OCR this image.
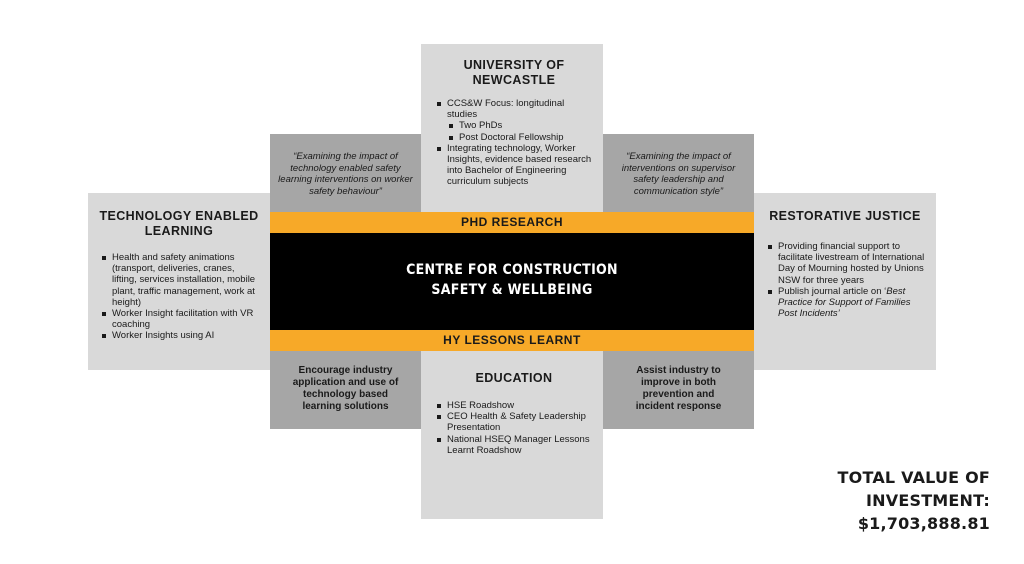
UNIVERSITY OF
NEWCASTLE
CCS&W Focus: longitudinal studies
Two PhDs
Post Doctoral Fellowship
Integrating technology, Worker Insights, evidence based research into Bachelor of Engineering curriculum subjects
“Examining the impact of technology enabled safety learning interventions on worker safety behaviour”
“Examining the impact of interventions on supervisor safety leadership and communication style”
TECHNOLOGY ENABLED
LEARNING
Health and safety animations (transport, deliveries, cranes, lifting, services installation, mobile plant, traffic management, work at height)
Worker Insight facilitation with VR coaching
Worker Insights using AI
RESTORATIVE JUSTICE
Providing financial support to facilitate livestream of International Day of Mourning hosted by Unions NSW for three years
Publish journal article on ‘Best Practice for Support of Families Post Incidents’
PHD RESEARCH
CENTRE FOR CONSTRUCTION
SAFETY & WELLBEING
HY LESSONS LEARNT
Encourage industry application and use of technology based learning solutions
Assist industry to improve in both prevention and incident response
EDUCATION
HSE Roadshow
CEO Health & Safety Leadership Presentation
National HSEQ Manager Lessons Learnt Roadshow
TOTAL VALUE OF INVESTMENT:
$1,703,888.81
